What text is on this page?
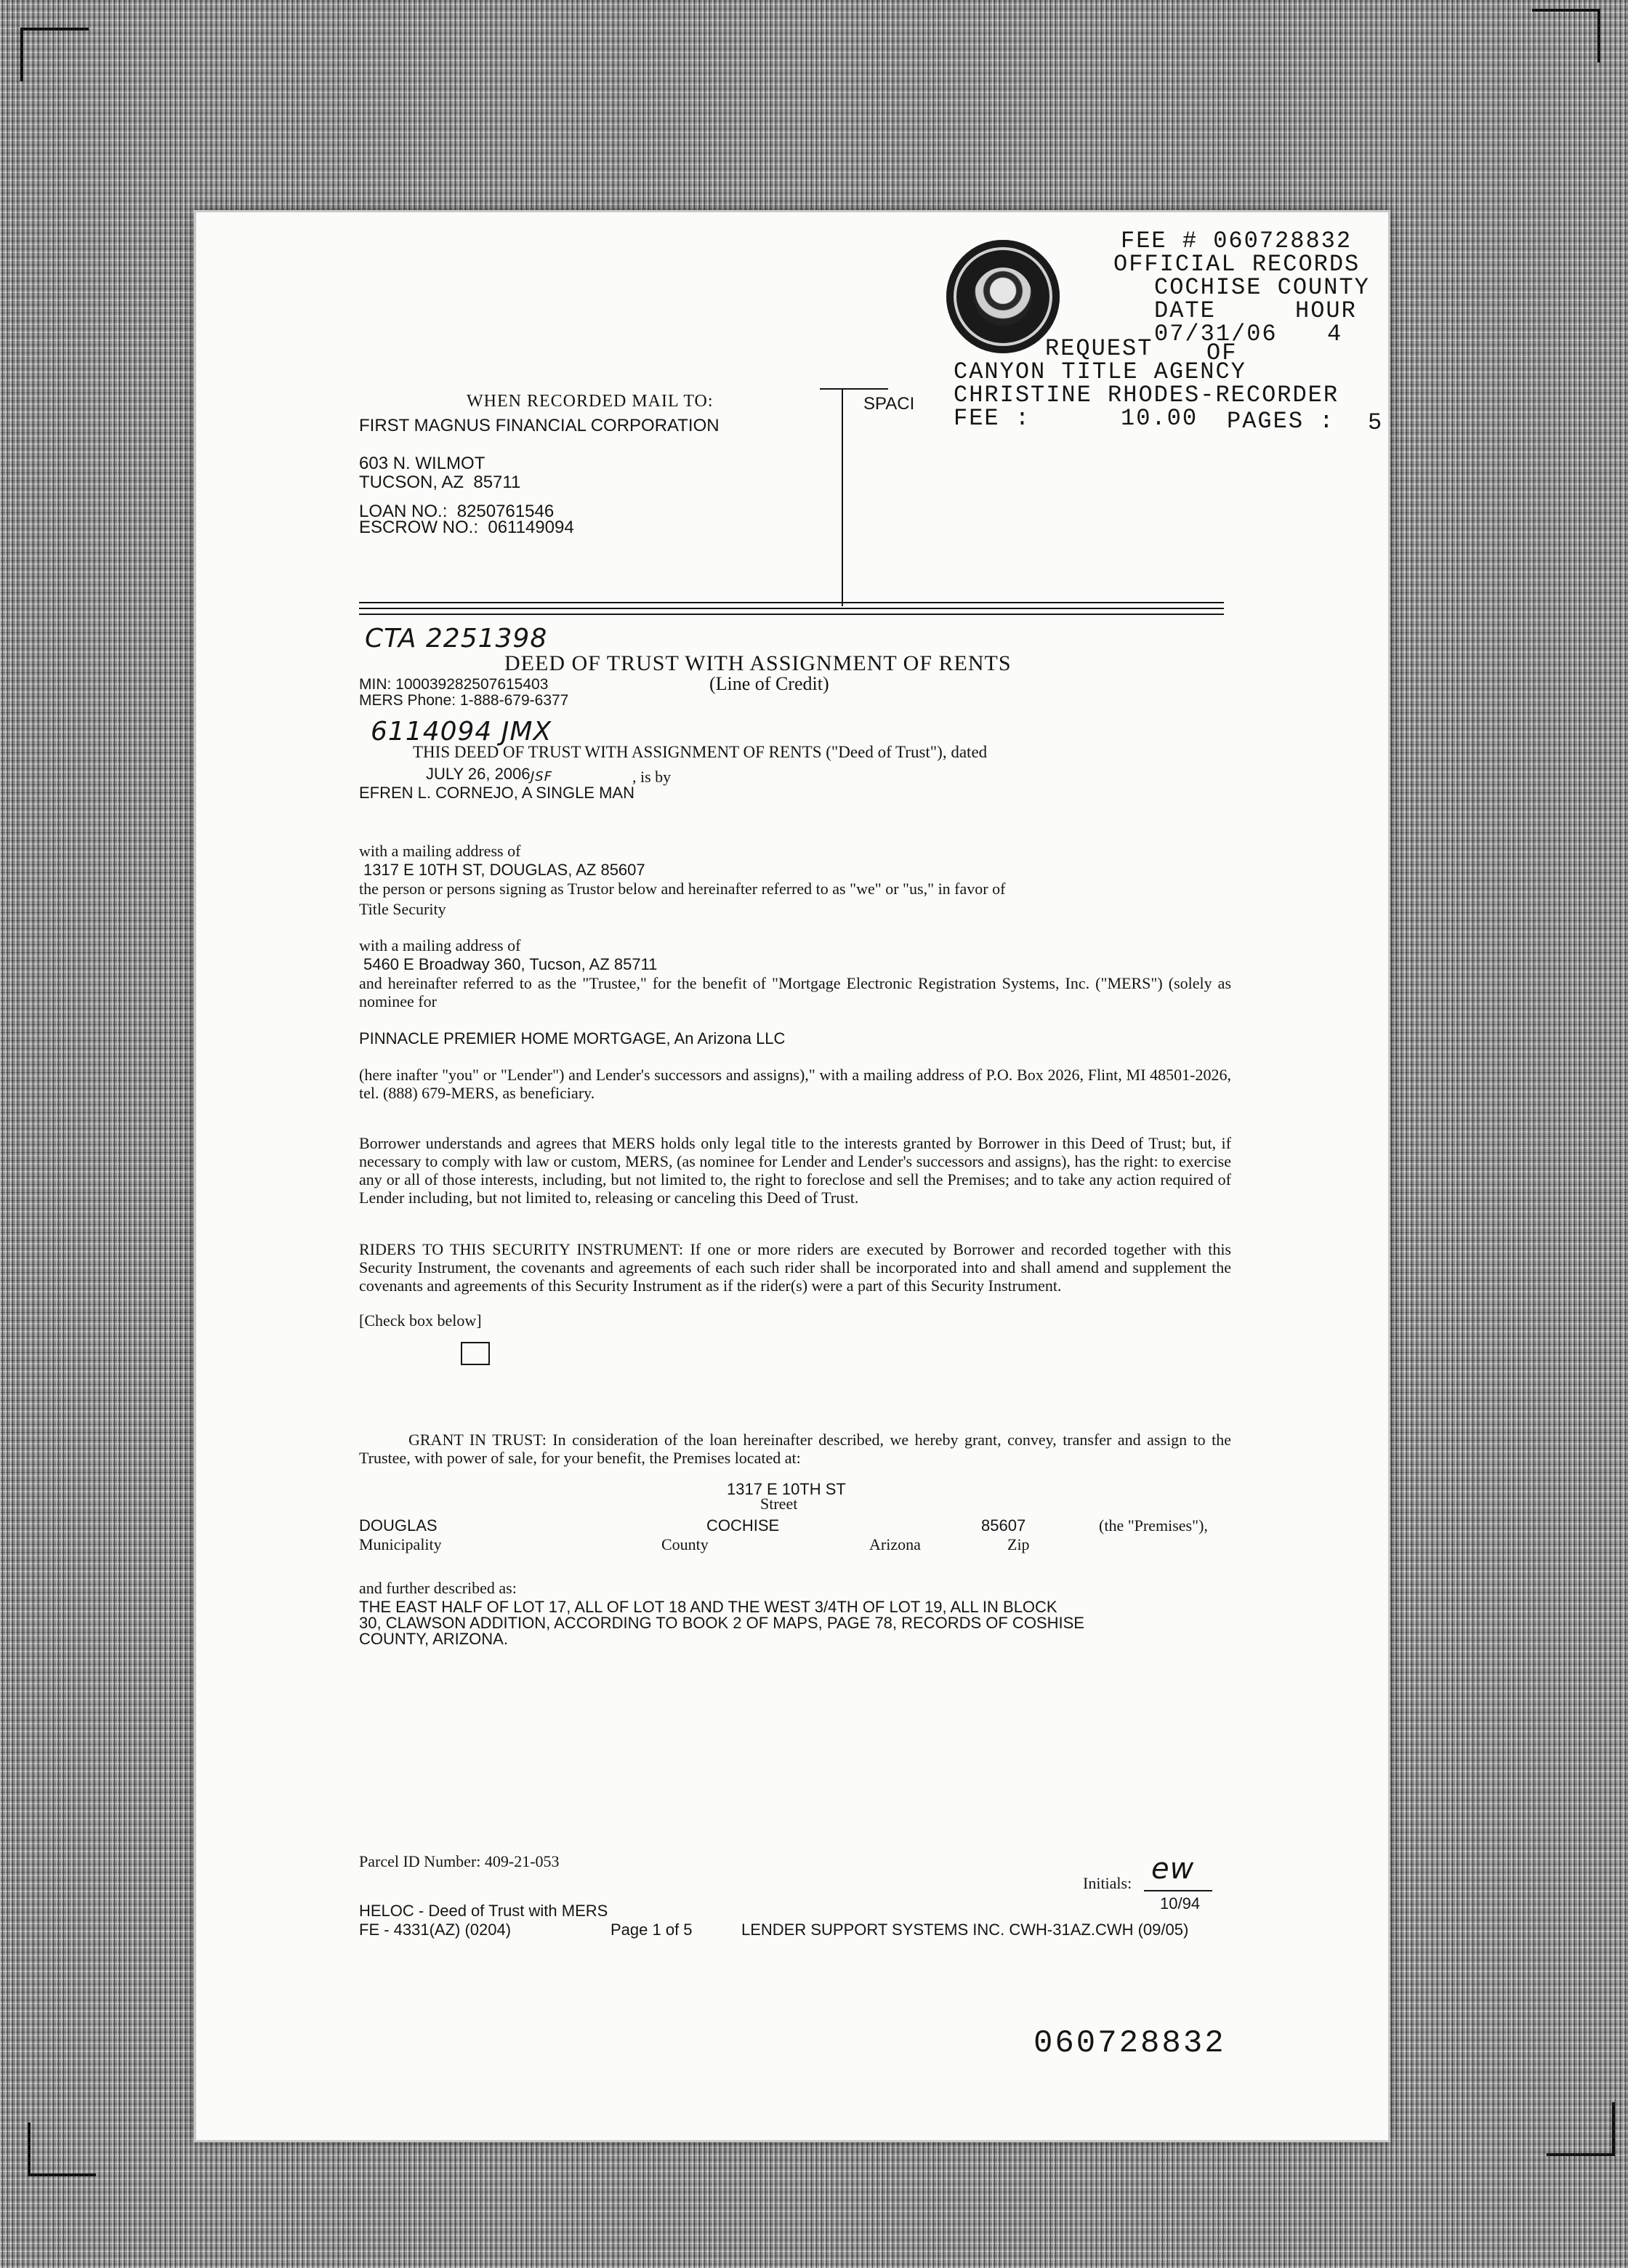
FEE # 060728832
OFFICIAL RECORDS
COCHISE COUNTY
DATE	HOUR
07/31/06 4
REQUEST OF
CANYON TITLE AGENCY
CHRISTINE RHODES-RECORDER
FEE :	10.00 PAGES : 5
WHEN RECORDED MAIL TO:
FIRST MAGNUS FINANCIAL CORPORATION
603 N. WILMOT
TUCSON, AZ  85711
LOAN NO.:  8250761546
ESCROW NO.:  061149094
SPACI
CTA 2251398
6114094 JMX
JSF
DEED OF TRUST WITH ASSIGNMENT OF RENTS
(Line of Credit)
MIN: 100039282507615403
MERS Phone: 1-888-679-6377
THIS DEED OF TRUST WITH ASSIGNMENT OF RENTS ("Deed of Trust"), dated
JULY 26, 2006	, is by
EFREN L. CORNEJO, A SINGLE MAN
with a mailing address of
1317 E 10TH ST, DOUGLAS, AZ 85607
the person or persons signing as Trustor below and hereinafter referred to as "we" or "us," in favor of
Title Security
with a mailing address of
5460 E Broadway 360, Tucson, AZ 85711
and hereinafter referred to as the "Trustee," for the benefit of "Mortgage Electronic Registration Systems, Inc. ("MERS") (solely as nominee for
PINNACLE PREMIER HOME MORTGAGE, An Arizona LLC
(here inafter "you" or "Lender") and Lender's successors and assigns)," with a mailing address of P.O. Box 2026, Flint, MI 48501-2026, tel. (888) 679-MERS, as beneficiary.
Borrower understands and agrees that MERS holds only legal title to the interests granted by Borrower in this Deed of Trust; but, if necessary to comply with law or custom, MERS, (as nominee for Lender and Lender's successors and assigns), has the right: to exercise any or all of those interests, including, but not limited to, the right to foreclose and sell the Premises; and to take any action required of Lender including, but not limited to, releasing or canceling this Deed of Trust.
RIDERS TO THIS SECURITY INSTRUMENT: If one or more riders are executed by Borrower and recorded together with this Security Instrument, the covenants and agreements of each such rider shall be incorporated into and shall amend and supplement the covenants and agreements of this Security Instrument as if the rider(s) were a part of this Security Instrument.
[Check box below]
GRANT IN TRUST: In consideration of the loan hereinafter described, we hereby grant, convey, transfer and assign to the Trustee, with power of sale, for your benefit, the Premises located at:
1317 E 10TH ST
Street
DOUGLAS	COCHISE	85607	(the "Premises"),
Municipality	County	Arizona	Zip
and further described as:
THE EAST HALF OF LOT 17, ALL OF LOT 18 AND THE WEST 3/4TH OF LOT 19, ALL IN BLOCK
30, CLAWSON ADDITION, ACCORDING TO BOOK 2 OF MAPS, PAGE 78, RECORDS OF COSHISE
COUNTY, ARIZONA.
Parcel ID Number: 409-21-053
Initials: ew
10/94
HELOC - Deed of Trust with MERS
FE - 4331(AZ) (0204)	Page 1 of 5	LENDER SUPPORT SYSTEMS INC. CWH-31AZ.CWH (09/05)
060728832
